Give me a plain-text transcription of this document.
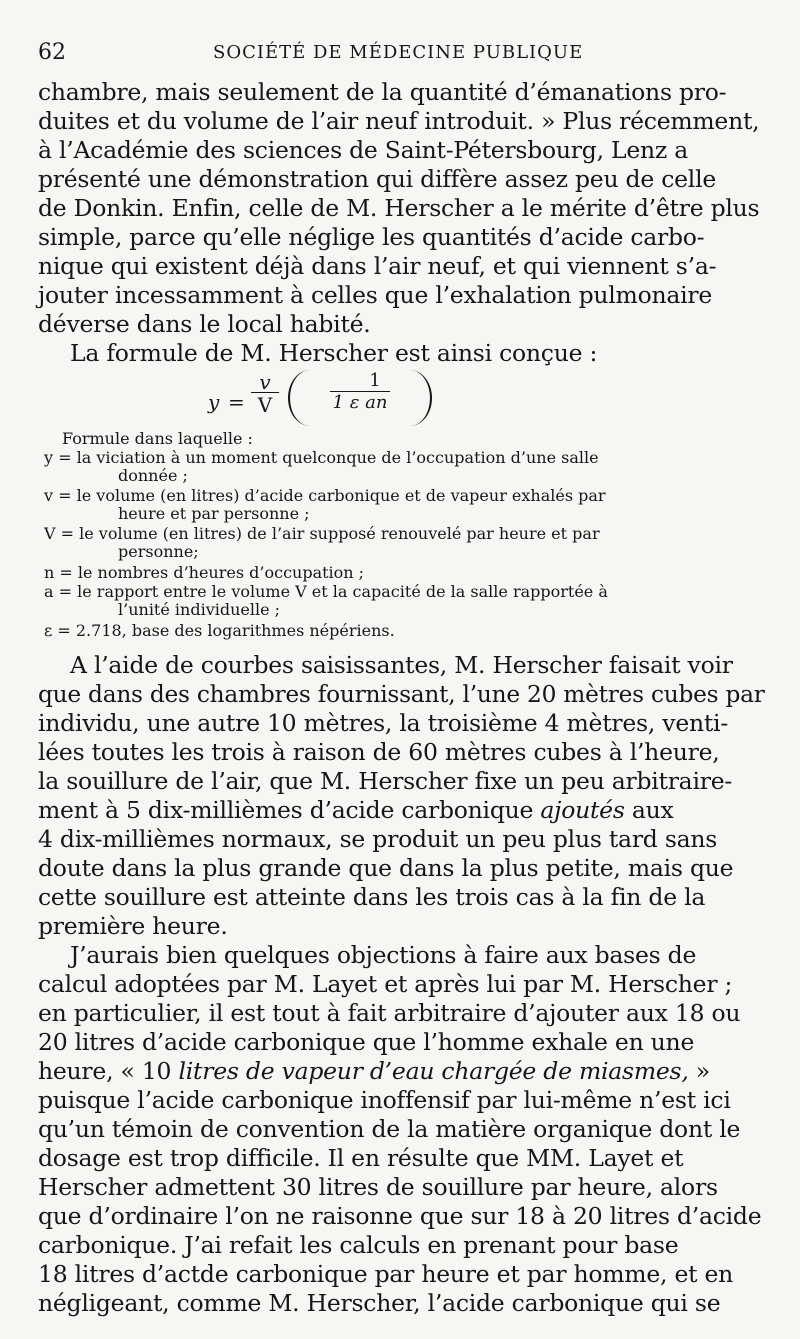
62	SOCIÉTÉ DE MÉDECINE PUBLIQUE
chambre, mais seulement de la quantité d’émanations pro-
duites et du volume de l’air neuf introduit. » Plus récemment,
à l’Académie des sciences de Saint-Pétersbourg, Lenz a
présenté une démonstration qui diffère assez peu de celle
de Donkin. Enfin, celle de M. Herscher a le mérite d’être plus
simple, parce qu’elle néglige les quantités d’acide carbo-
nique qui existent déjà dans l’air neuf, et qui viennent s’a-
jouter incessamment à celles que l’exhalation pulmonaire
déverse dans le local habité.
La formule de M. Herscher est ainsi conçue :
y =
v
V
1
1 ε an
Formule dans laquelle :
y = la viciation à un moment quelconque de l’occupation d’une salle
donnée ;
v = le volume (en litres) d’acide carbonique et de vapeur exhalés par
heure et par personne ;
V = le volume (en litres) de l’air supposé renouvelé par heure et par
personne;
n = le nombres d’heures d’occupation ;
a = le rapport entre le volume V et la capacité de la salle rapportée à
l’unité individuelle ;
ε = 2.718, base des logarithmes népériens.
A l’aide de courbes saisissantes, M. Herscher faisait voir
que dans des chambres fournissant, l’une 20 mètres cubes par
individu, une autre 10 mètres, la troisième 4 mètres, venti-
lées toutes les trois à raison de 60 mètres cubes à l’heure,
la souillure de l’air, que M. Herscher fixe un peu arbitraire-
ment à 5 dix-millièmes d’acide carbonique ajoutés aux
4 dix-millièmes normaux, se produit un peu plus tard sans
doute dans la plus grande que dans la plus petite, mais que
cette souillure est atteinte dans les trois cas à la fin de la
première heure.
J’aurais bien quelques objections à faire aux bases de
calcul adoptées par M. Layet et après lui par M. Herscher ;
en particulier, il est tout à fait arbitraire d’ajouter aux 18 ou
20 litres d’acide carbonique que l’homme exhale en une
heure, « 10 litres de vapeur d’eau chargée de miasmes, »
puisque l’acide carbonique inoffensif par lui-même n’est ici
qu’un témoin de convention de la matière organique dont le
dosage est trop difficile. Il en résulte que MM. Layet et
Herscher admettent 30 litres de souillure par heure, alors
que d’ordinaire l’on ne raisonne que sur 18 à 20 litres d’acide
carbonique. J’ai refait les calculs en prenant pour base
18 litres d’actde carbonique par heure et par homme, et en
négligeant, comme M. Herscher, l’acide carbonique qui se
